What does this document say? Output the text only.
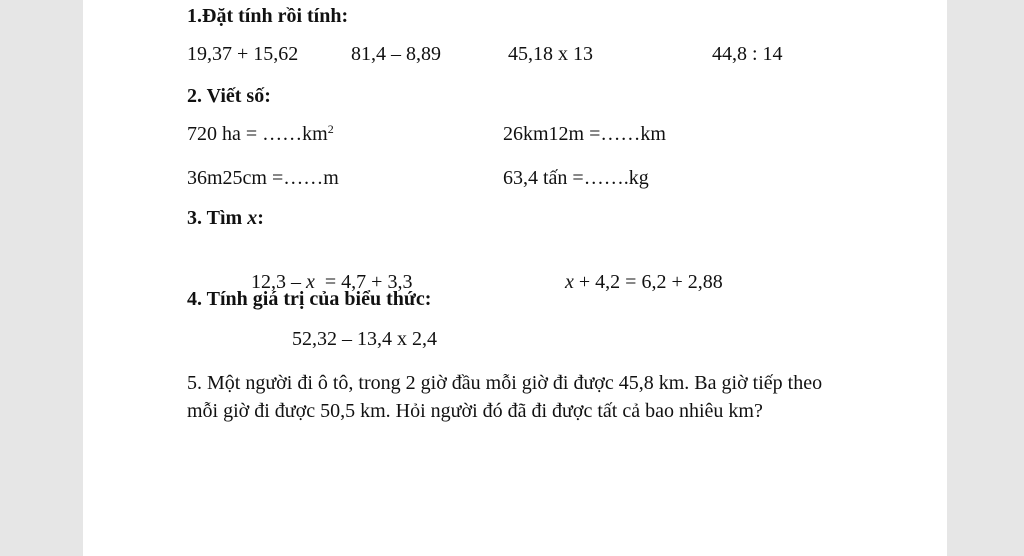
1.Đặt tính rồi tính:
19,37 + 15,62	81,4 – 8,89	45,18 x 13	44,8 : 14
2. Viết số:
720 ha = $\dots\dots km^2$	26km12m =……km
36m25cm =……m	63,4 tấn =…….kg
3. Tìm x:

12,3 – x  = 4,7 + 3,3	x + 4,2 = 6,2 + 2,88

4. Tính giá trị của biểu thức:
52,32 – 13,4 x 2,4
5. Một người đi ô tô, trong 2 giờ đầu mỗi giờ đi được 45,8 km. Ba giờ tiếp theo mỗi giờ đi được 50,5 km. Hỏi người đó đã đi được tất cả bao nhiêu km?
